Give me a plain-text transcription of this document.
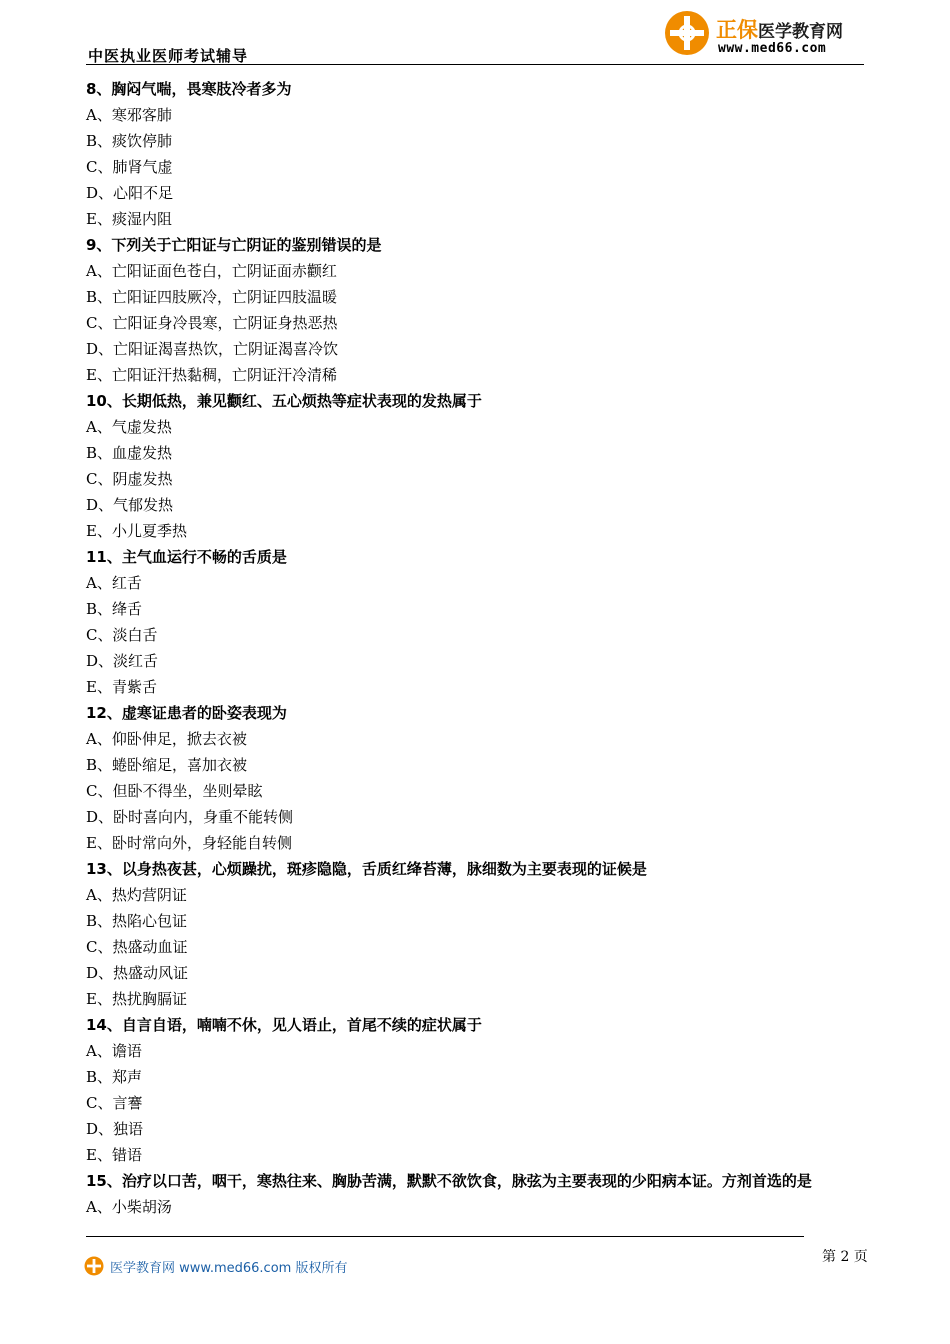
中医执业医师考试辅导
正保医学教育网
www.med66.com
8、胸闷气喘，畏寒肢冷者多为
A、寒邪客肺
B、痰饮停肺
C、肺肾气虚
D、心阳不足
E、痰湿内阻
9、下列关于亡阳证与亡阴证的鉴别错误的是
A、亡阳证面色苍白，亡阴证面赤颧红
B、亡阳证四肢厥冷，亡阴证四肢温暖
C、亡阳证身冷畏寒，亡阴证身热恶热
D、亡阳证渴喜热饮，亡阴证渴喜冷饮
E、亡阳证汗热黏稠，亡阴证汗冷清稀
10、长期低热，兼见颧红、五心烦热等症状表现的发热属于
A、气虚发热
B、血虚发热
C、阴虚发热
D、气郁发热
E、小儿夏季热
11、主气血运行不畅的舌质是
A、红舌
B、绛舌
C、淡白舌
D、淡红舌
E、青紫舌
12、虚寒证患者的卧姿表现为
A、仰卧伸足，掀去衣被
B、蜷卧缩足，喜加衣被
C、但卧不得坐，坐则晕眩
D、卧时喜向内，身重不能转侧
E、卧时常向外，身轻能自转侧
13、以身热夜甚，心烦躁扰，斑疹隐隐，舌质红绛苔薄，脉细数为主要表现的证候是
A、热灼营阴证
B、热陷心包证
C、热盛动血证
D、热盛动风证
E、热扰胸膈证
14、自言自语，喃喃不休，见人语止，首尾不续的症状属于
A、谵语
B、郑声
C、言謇
D、独语
E、错语
15、治疗以口苦，咽干，寒热往来、胸胁苦满，默默不欲饮食，脉弦为主要表现的少阳病本证。方剂首选的是
A、小柴胡汤
第 2 页
医学教育网 www.med66.com 版权所有
